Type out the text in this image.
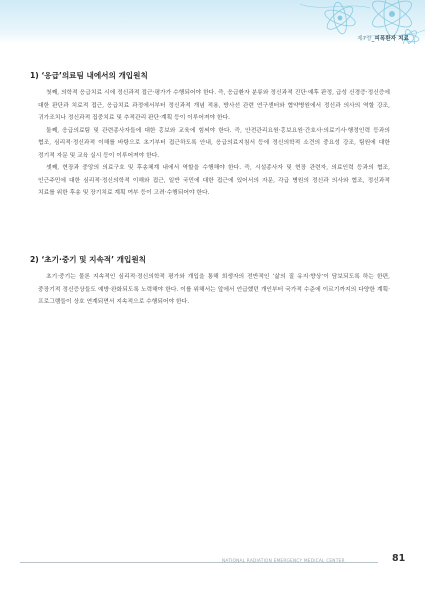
제7장_피폭환자 치료
1) ‘응급’의료팀 내에서의 개입원칙

첫째, 의학적 응급치료 시에 정신과적 접근·평가가 수행되어야 한다. 즉, 응급환자 분류와 정신과적 진단·예후 판정, 급성 신경증·정신증에 대한 판단과 치료적 접근, 응급치료 과정에서부터 정신과적 개념 적용, 방사선 관련 연구센터와 협약병원에서 정신과 의사의 역할 강조, 귀가조치나 정신과적 집중치료 및 추적관리 판단·계획 등이 이루어져야 한다.

둘째, 응급의료팀 및 관련종사자들에 대한 홍보와 교육에 힘써야 한다. 즉, 안전관리요원·홍보요원·간호사·의료기사·행정인력 등과의 협조, 심리적·정신과적 이해를 바탕으로 초기부터 접근하도록 안내, 응급의료지침서 등에 정신의학적 소견의 중요성 강조, 팀원에 대한 정기적 자문 및 교육 실시 등이 이루어져야 한다.

셋째, 현장과 중앙의 의료구호 및 후송체계 내에서 역할을 수행해야 한다. 즉, 시설종사자 및 현장 관련자, 의료인력 등과의 협조, 인근주민에 대한 심리적·정신의학적 이해와 접근, 일반 국민에 대한 접근에 있어서의 자문, 각급 병원의 정신과 의사와 협조, 정신과적 치료를 위한 후송 및 장기치료 계획 여부 등이 고려·수행되어야 한다.

2) ‘초기·중기 및 지속적’ 개입원칙

초기·중기는 물론 지속적인 심리적·정신의학적 평가와 개입을 통해 희생자의 전반적인 ‘삶의 질 유지·향상’이 담보되도록 하는 한편, 중장기적 정신증상들도 예방·완화되도록 노력해야 한다. 이를 위해서는 앞에서 언급했던 개인부터 국가적 수준에 이르기까지의 다양한 계획·프로그램들이 상호 연계되면서 지속적으로 수행되어야 한다.

NATIONAL RADIATION EMERGENCY MEDICAL CENTER	81
